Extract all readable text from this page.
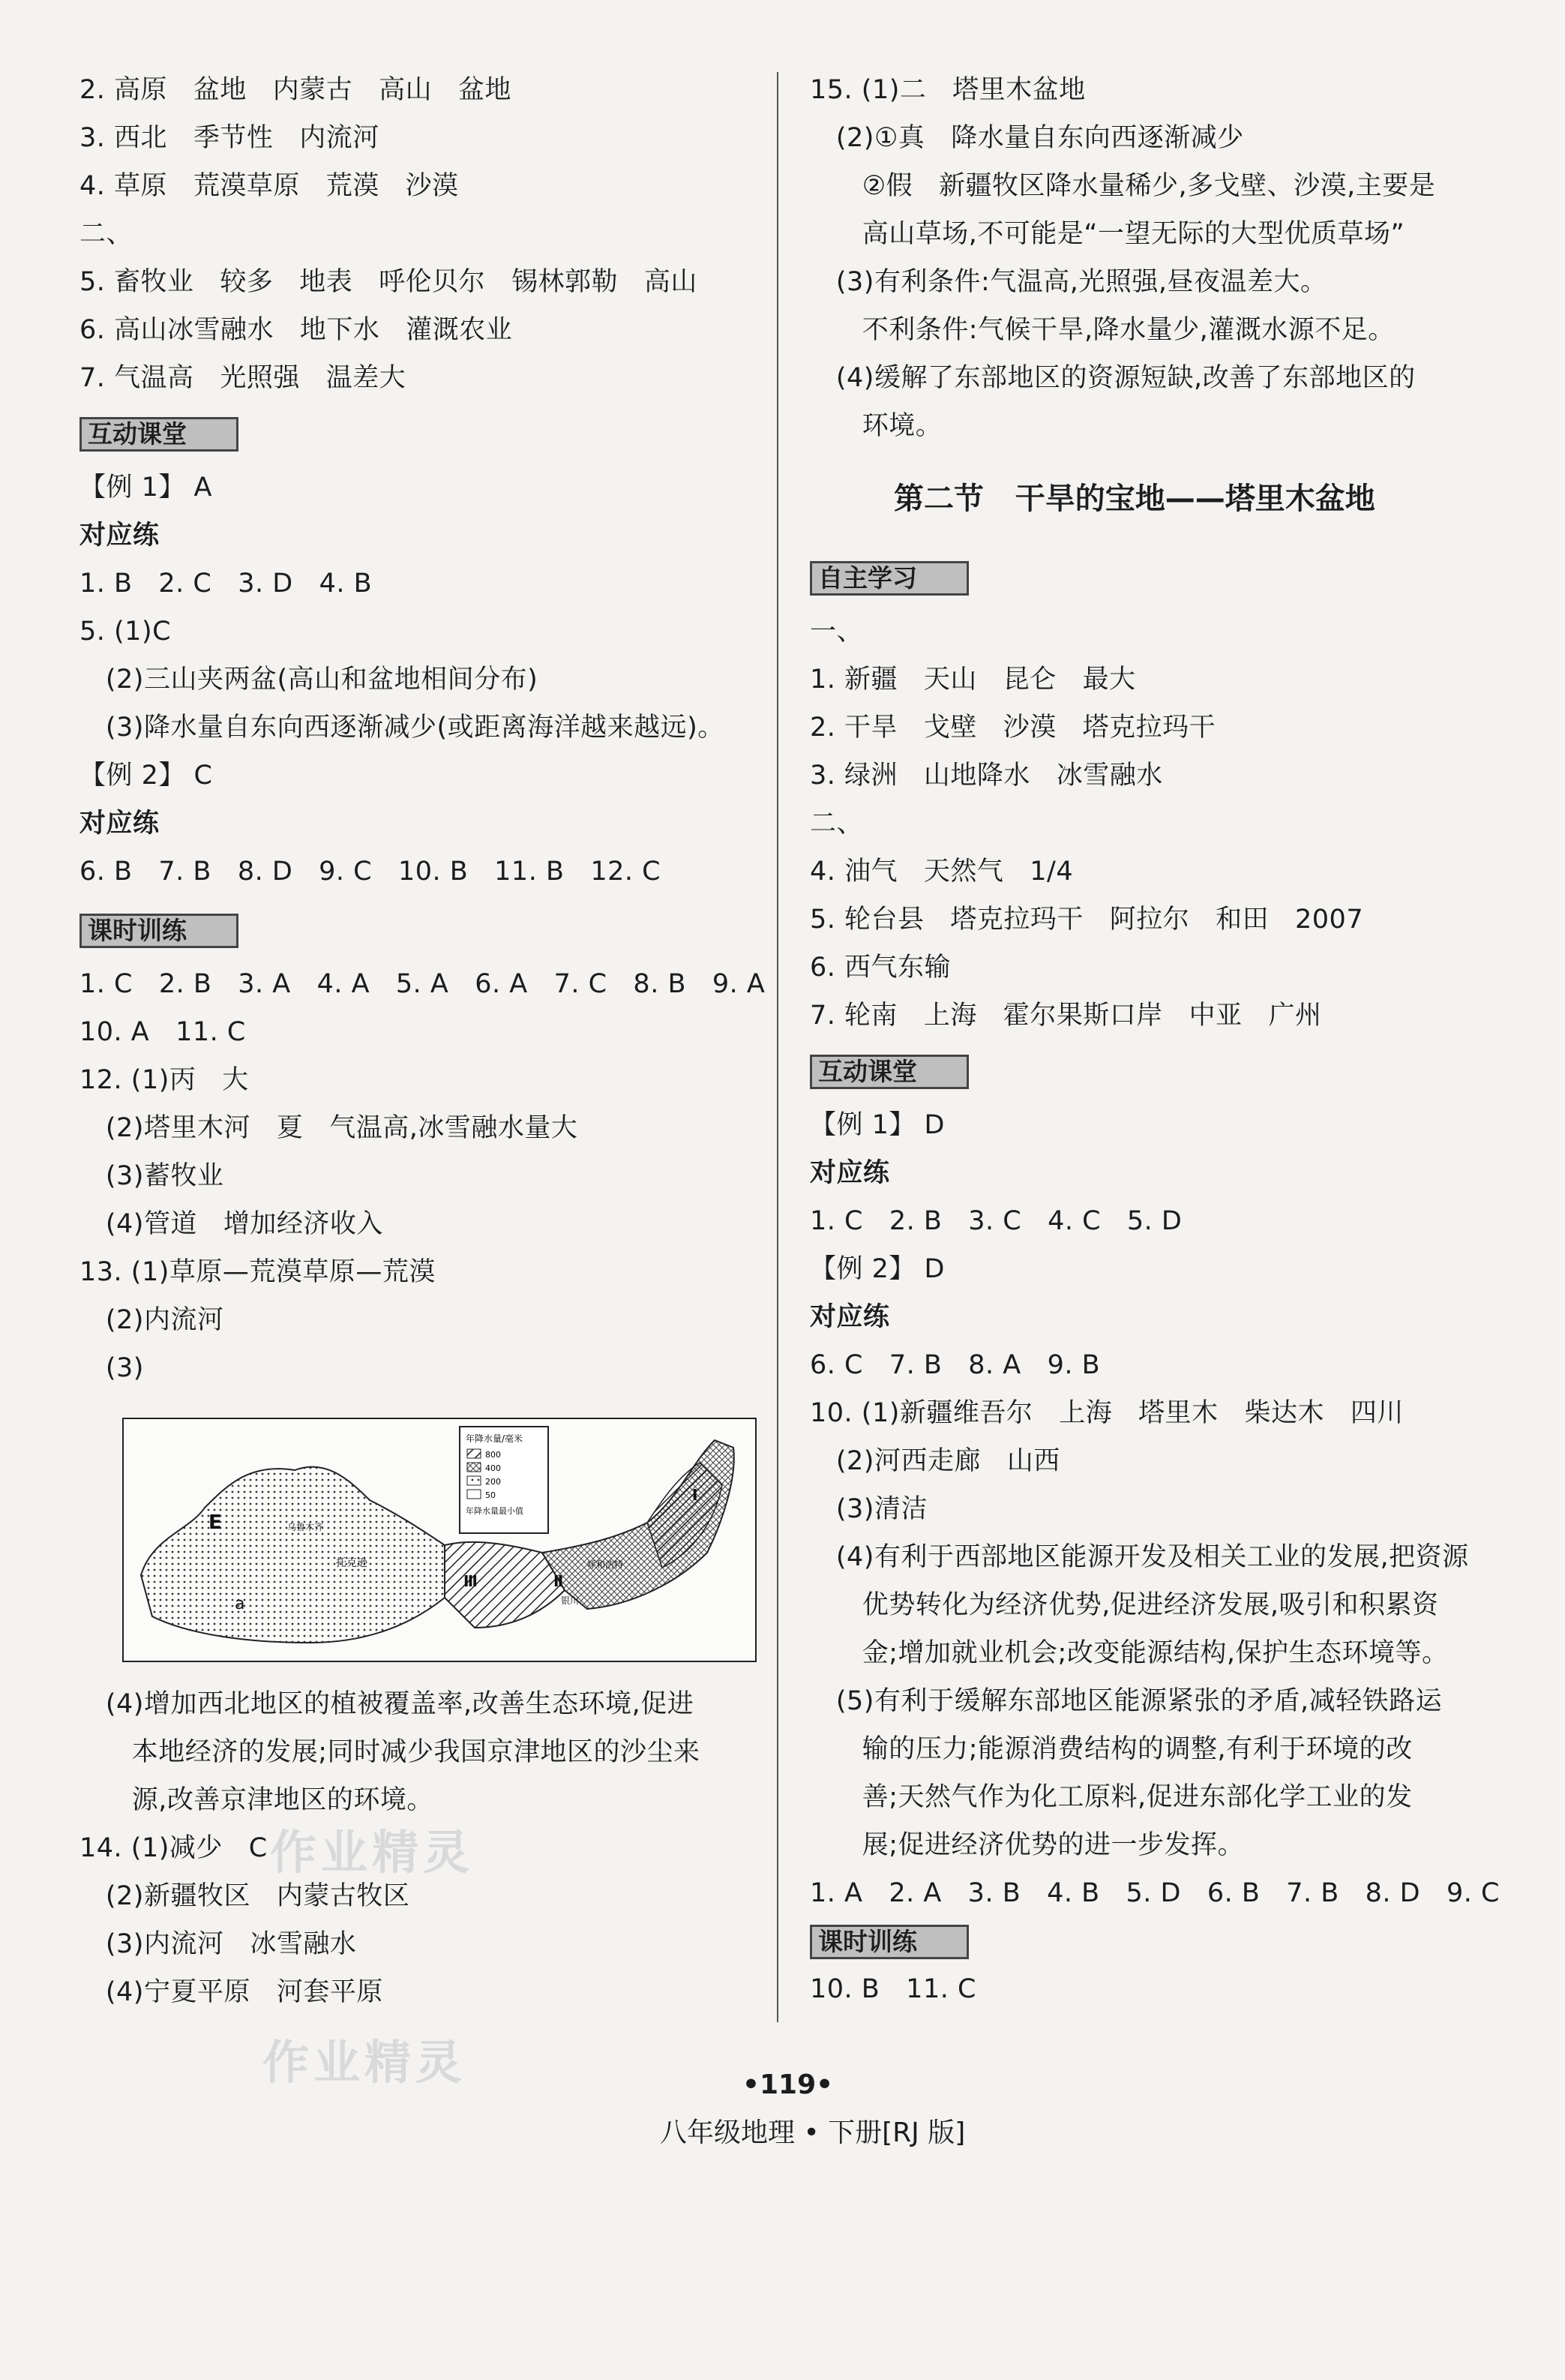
2. 高原   盆地   内蒙古   高山   盆地
3. 西北   季节性   内流河
4. 草原   荒漠草原   荒漠   沙漠
二、
5. 畜牧业   较多   地表   呼伦贝尔   锡林郭勒   高山
6. 高山冰雪融水   地下水   灌溉农业
7. 气温高   光照强   温差大
互动课堂
【例 1】 A
对应练
1. B   2. C   3. D   4. B
5. (1)C
(2)三山夹两盆(高山和盆地相间分布)
(3)降水量自东向西逐渐减少(或距离海洋越来越远)。
【例 2】 C
对应练
6. B   7. B   8. D   9. C   10. B   11. B   12. C
课时训练
1. C   2. B   3. A   4. A   5. A   6. A   7. C   8. B   9. A
10. A   11. C
12. (1)丙   大
(2)塔里木河   夏   气温高,冰雪融水量大
(3)蓄牧业
(4)管道   增加经济收入
13. (1)草原—荒漠草原—荒漠
(2)内流河
(3)
(4)增加西北地区的植被覆盖率,改善生态环境,促进
本地经济的发展;同时减少我国京津地区的沙尘来
源,改善京津地区的环境。
14. (1)减少   C
(2)新疆牧区   内蒙古牧区
(3)内流河   冰雪融水
(4)宁夏平原   河套平原
年降水量/毫米
800
400
200
50
年降水量最小值
E	乌鲁木齐
a
托克逊
Ⅲ	Ⅱ
Ⅰ
呼和浩特
银川
15. (1)二   塔里木盆地
(2)①真   降水量自东向西逐渐减少
②假   新疆牧区降水量稀少,多戈壁、沙漠,主要是
高山草场,不可能是“一望无际的大型优质草场”
(3)有利条件:气温高,光照强,昼夜温差大。
不利条件:气候干旱,降水量少,灌溉水源不足。
(4)缓解了东部地区的资源短缺,改善了东部地区的
环境。
第二节   干旱的宝地——塔里木盆地
自主学习
一、
1. 新疆   天山   昆仑   最大
2. 干旱   戈壁   沙漠   塔克拉玛干
3. 绿洲   山地降水   冰雪融水
二、
4. 油气   天然气   1/4
5. 轮台县   塔克拉玛干   阿拉尔   和田   2007
6. 西气东输
7. 轮南   上海   霍尔果斯口岸   中亚   广州
互动课堂
【例 1】 D
对应练
1. C   2. B   3. C   4. C   5. D
【例 2】 D
对应练
6. C   7. B   8. A   9. B
10. (1)新疆维吾尔   上海   塔里木   柴达木   四川
(2)河西走廊   山西
(3)清洁
(4)有利于西部地区能源开发及相关工业的发展,把资源
优势转化为经济优势,促进经济发展,吸引和积累资
金;增加就业机会;改变能源结构,保护生态环境等。
(5)有利于缓解东部地区能源紧张的矛盾,减轻铁路运
输的压力;能源消费结构的调整,有利于环境的改
善;天然气作为化工原料,促进东部化学工业的发
展;促进经济优势的进一步发挥。
1. A   2. A   3. B   4. B   5. D   6. B   7. B   8. D   9. C
课时训练
10. B   11. C
作业精灵
作业精灵	•119•
八年级地理 • 下册[RJ 版]
